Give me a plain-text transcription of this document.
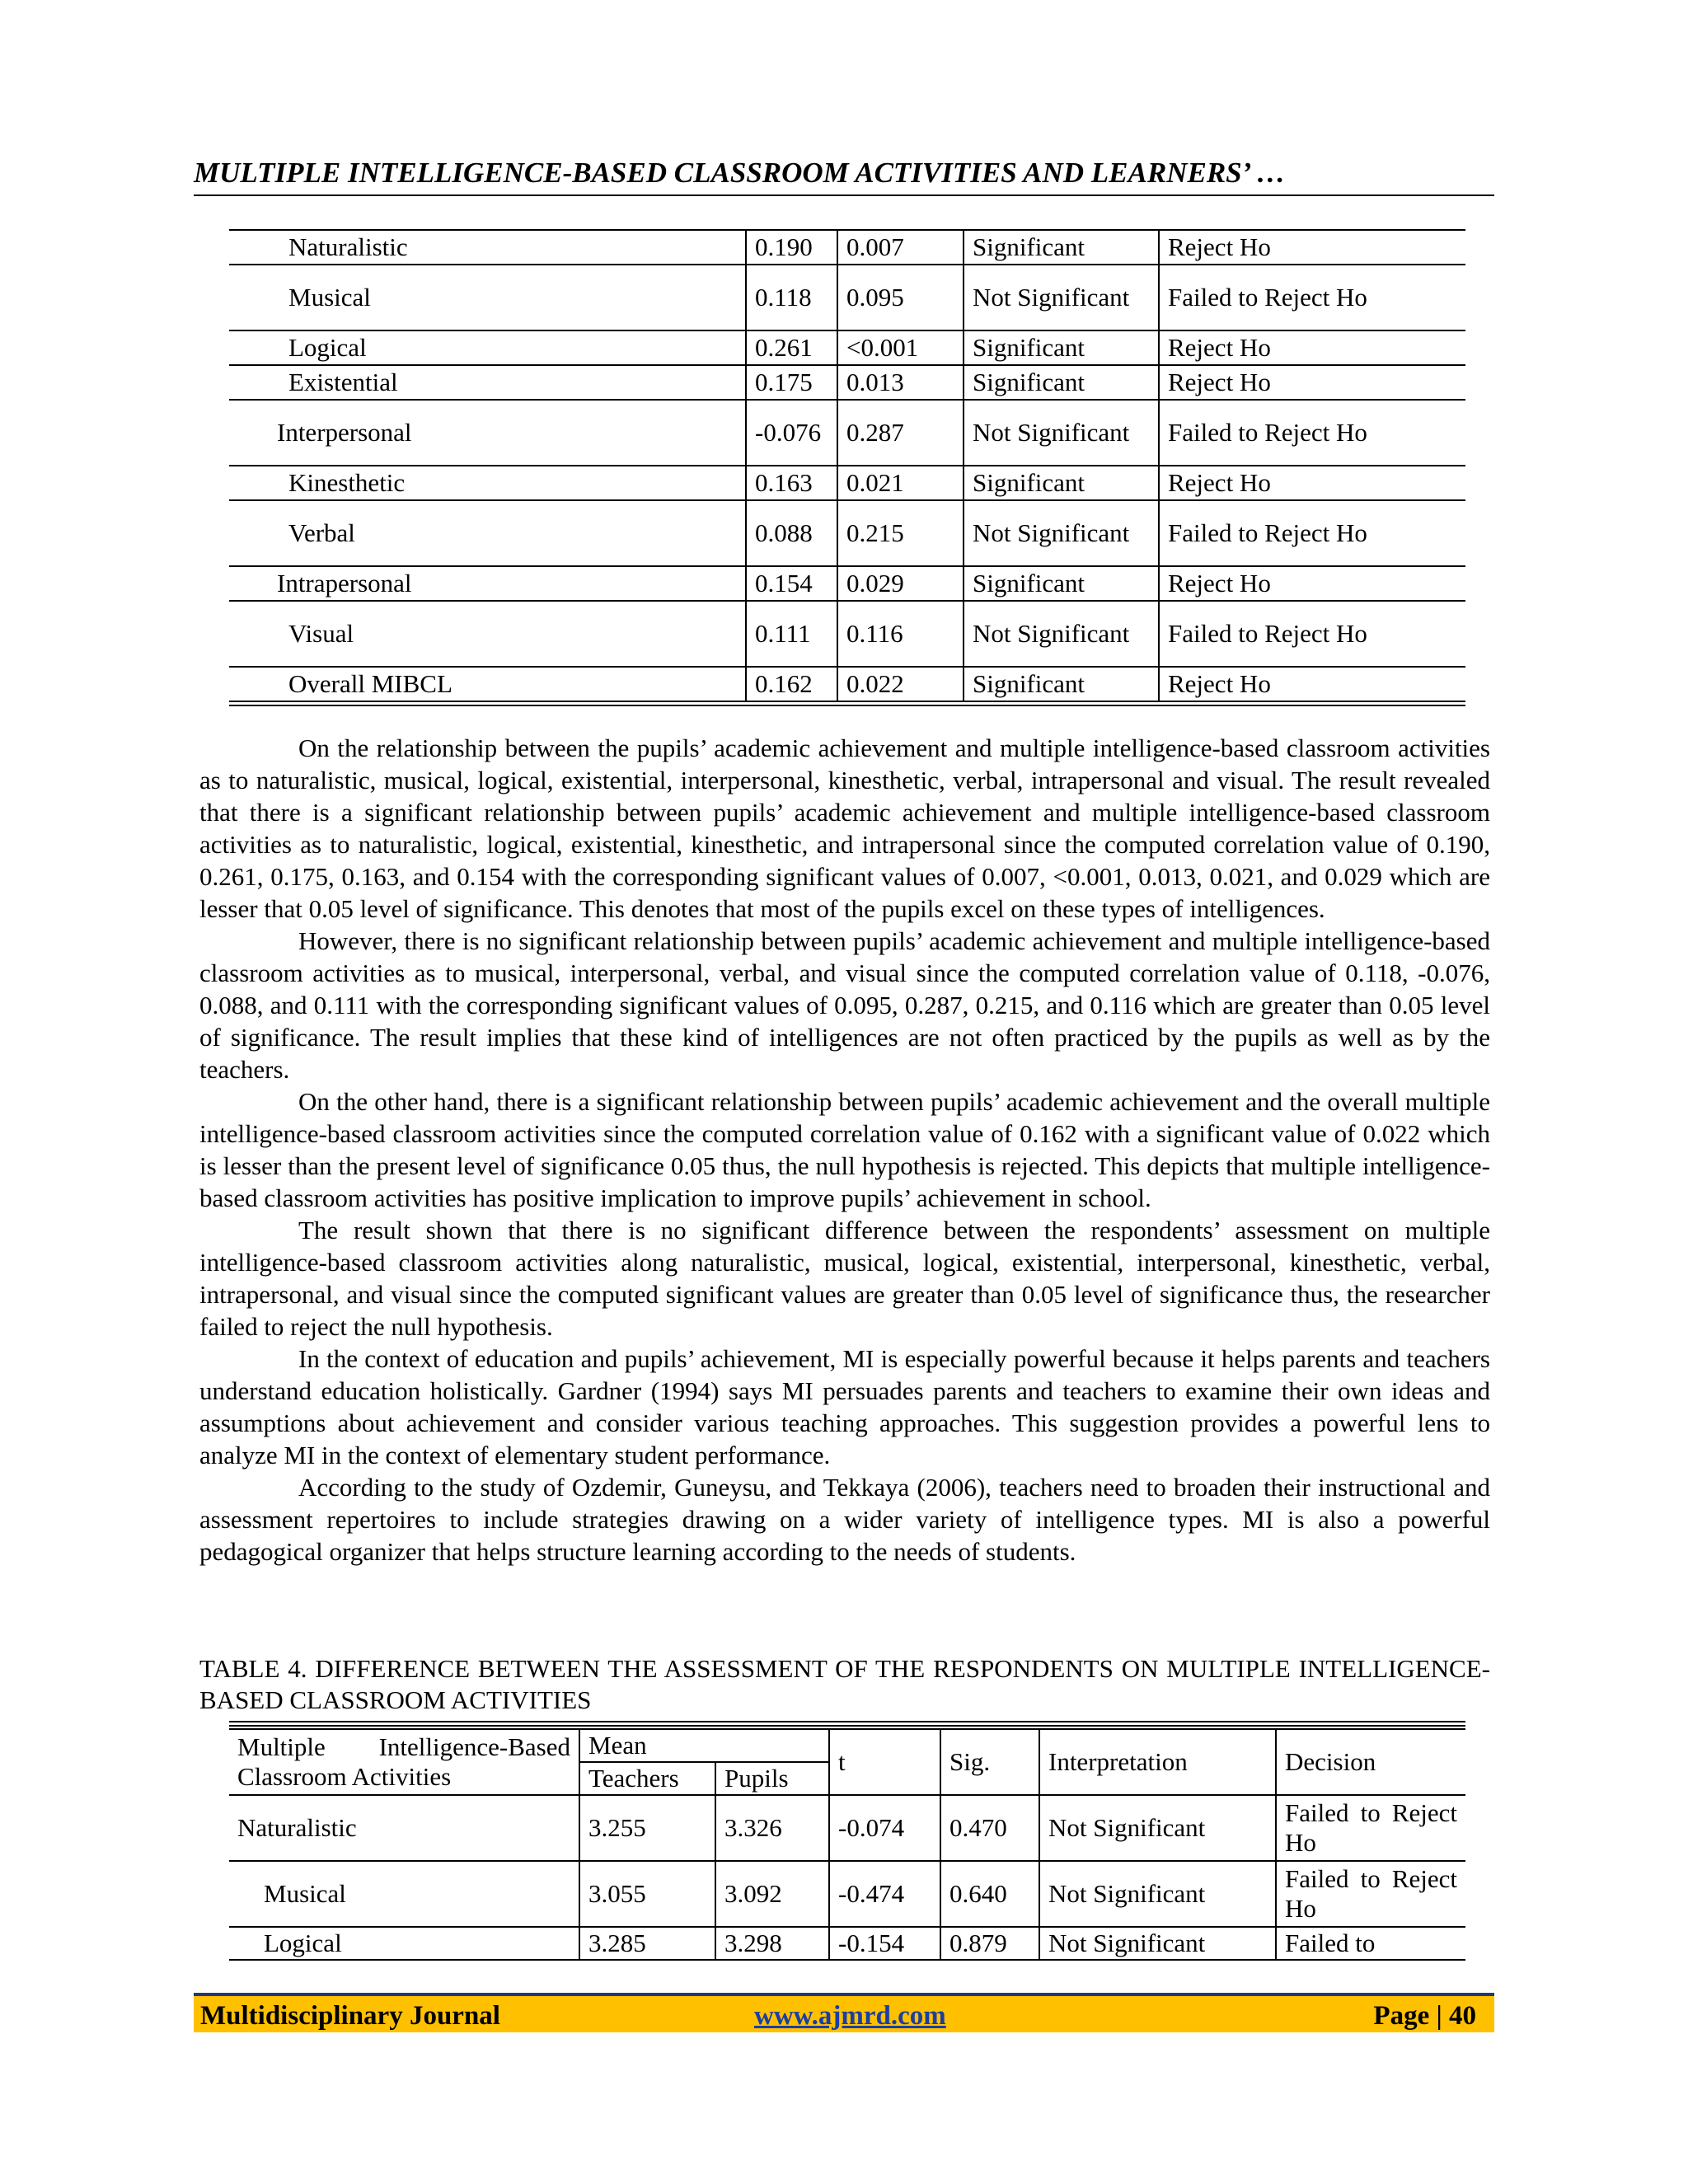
MULTIPLE INTELLIGENCE-BASED CLASSROOM ACTIVITIES AND LEARNERS’ …
Naturalistic	0.190	0.007	Significant	Reject Ho
Musical	0.118	0.095	Not Significant	Failed to Reject Ho
Logical	0.261	<0.001	Significant	Reject Ho
Existential	0.175	0.013	Significant	Reject Ho
Interpersonal	-0.076	0.287	Not Significant	Failed to Reject Ho
Kinesthetic	0.163	0.021	Significant	Reject Ho
Verbal	0.088	0.215	Not Significant	Failed to Reject Ho
Intrapersonal	0.154	0.029	Significant	Reject Ho
Visual	0.111	0.116	Not Significant	Failed to Reject Ho
Overall MIBCL	0.162	0.022	Significant	Reject Ho

On the relationship between the pupils’ academic achievement and multiple intelligence-based classroom activities as to naturalistic, musical, logical, existential, interpersonal, kinesthetic, verbal, intrapersonal and visual. The result revealed that there is a significant relationship between pupils’ academic achievement and multiple intelligence-based classroom activities as to naturalistic, logical, existential, kinesthetic, and intrapersonal since the computed correlation value of 0.190, 0.261, 0.175, 0.163, and 0.154 with the corresponding significant values of 0.007, <0.001, 0.013, 0.021, and 0.029 which are lesser that 0.05 level of significance. This denotes that most of the pupils excel on these types of intelligences.

However, there is no significant relationship between pupils’ academic achievement and multiple intelligence-based classroom activities as to musical, interpersonal, verbal, and visual since the computed correlation value of 0.118, -0.076, 0.088, and 0.111 with the corresponding significant values of 0.095, 0.287, 0.215, and 0.116 which are greater than 0.05 level of significance. The result implies that these kind of intelligences are not often practiced by the pupils as well as by the teachers.

On the other hand, there is a significant relationship between pupils’ academic achievement and the overall multiple intelligence-based classroom activities since the computed correlation value of 0.162 with a significant value of 0.022 which is lesser than the present level of significance 0.05 thus, the null hypothesis is rejected. This depicts that multiple intelligence-based classroom activities has positive implication to improve pupils’ achievement in school.

The result shown that there is no significant difference between the respondents’ assessment on multiple intelligence-based classroom activities along naturalistic, musical, logical, existential, interpersonal, kinesthetic, verbal, intrapersonal, and visual since the computed significant values are greater than 0.05 level of significance thus, the researcher failed to reject the null hypothesis.

In the context of education and pupils’ achievement, MI is especially powerful because it helps parents and teachers understand education holistically. Gardner (1994) says MI persuades parents and teachers to examine their own ideas and assumptions about achievement and consider various teaching approaches. This suggestion provides a powerful lens to analyze MI in the context of elementary student performance.

According to the study of Ozdemir, Guneysu, and Tekkaya (2006), teachers need to broaden their instructional and assessment repertoires to include strategies drawing on a wider variety of intelligence types. MI is also a powerful pedagogical organizer that helps structure learning according to the needs of students.

TABLE 4. DIFFERENCE BETWEEN THE ASSESSMENT OF THE RESPONDENTS ON MULTIPLE INTELLIGENCE-BASED CLASSROOM ACTIVITIES
Multiple Intelligence-Based Classroom Activities	Mean		t	Sig.	Interpretation	Decision
	Teachers	Pupils				
Naturalistic	3.255	3.326	-0.074	0.470	Not Significant	Failed to Reject Ho
Musical	3.055	3.092	-0.474	0.640	Not Significant	Failed to Reject Ho
Logical	3.285	3.298	-0.154	0.879	Not Significant	Failed to
Multidisciplinary Journal	www.ajmrd.com	Page | 40
